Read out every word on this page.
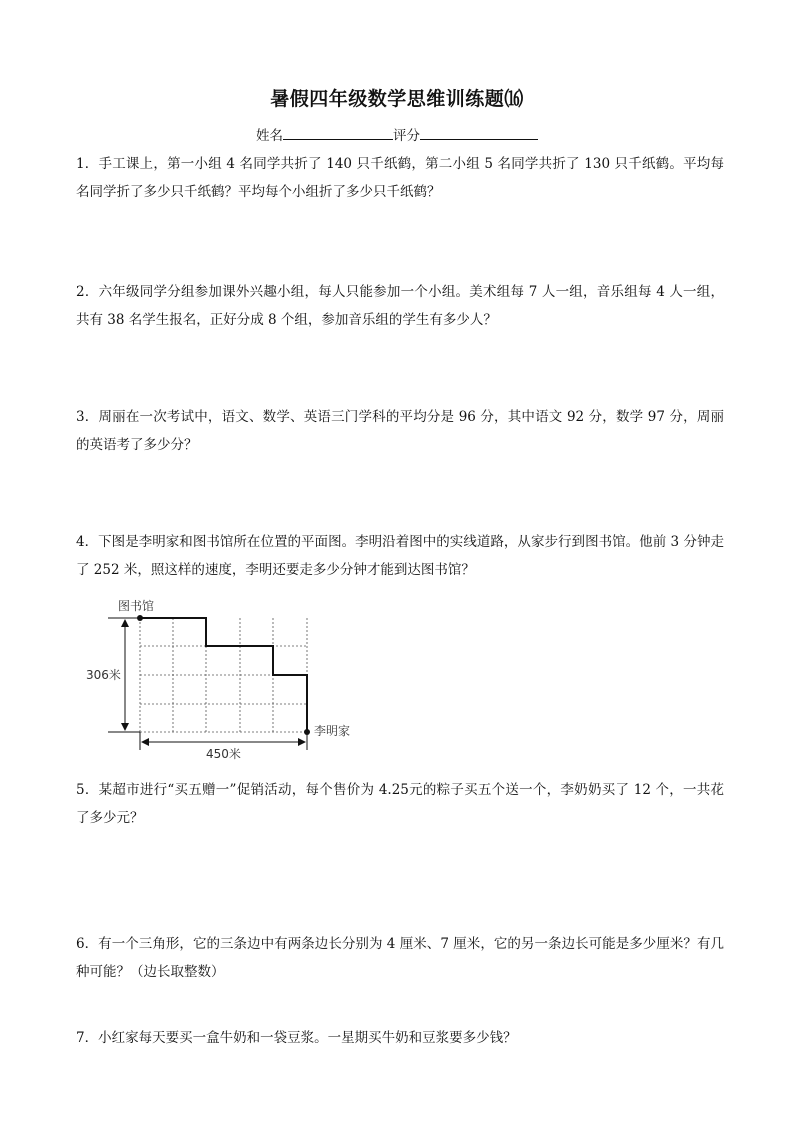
暑假四年级数学思维训练题⒃
姓名	评分
1．手工课上，第一小组 4 名同学共折了 140 只千纸鹤，第二小组 5 名同学共折了 130 只千纸鹤。平均每名同学折了多少只千纸鹤？平均每个小组折了多少只千纸鹤？
2．六年级同学分组参加课外兴趣小组，每人只能参加一个小组。美术组每 7 人一组，音乐组每 4 人一组，共有 38 名学生报名，正好分成 8 个组，参加音乐组的学生有多少人？
3．周丽在一次考试中，语文、数学、英语三门学科的平均分是 96 分，其中语文 92 分，数学 97 分，周丽的英语考了多少分？
4．下图是李明家和图书馆所在位置的平面图。李明沿着图中的实线道路，从家步行到图书馆。他前 3 分钟走了 252 米，照这样的速度，李明还要走多少分钟才能到达图书馆？
图书馆
李明家
306米
450米
5．某超市进行“买五赠一”促销活动，每个售价为 4.25元的粽子买五个送一个，李奶奶买了 12 个，一共花了多少元？
6．有一个三角形，它的三条边中有两条边长分别为 4 厘米、7 厘米，它的另一条边长可能是多少厘米？有几种可能？（边长取整数）
7．小红家每天要买一盒牛奶和一袋豆浆。一星期买牛奶和豆浆要多少钱？
